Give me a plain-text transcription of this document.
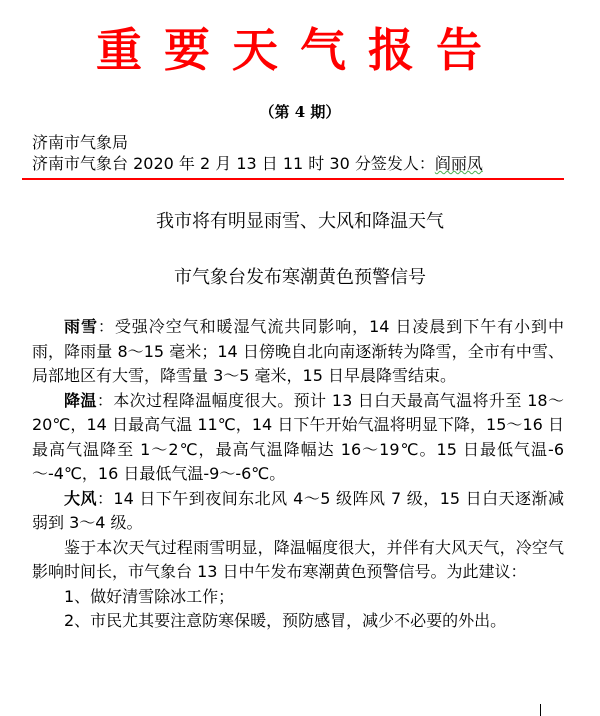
重要天气报告
（第 4 期）
济南市气象局
济南市气象台 2020 年 2 月 13 日 11 时 30 分签发人：阎丽凤
我市将有明显雨雪、大风和降温天气
市气象台发布寒潮黄色预警信号

雨雪：受强冷空气和暖湿气流共同影响，14 日凌晨到下午有小到中雨，降雨量 8～15 毫米；14 日傍晚自北向南逐渐转为降雪，全市有中雪、局部地区有大雪，降雪量 3～5 毫米，15 日早晨降雪结束。

降温：本次过程降温幅度很大。预计 13 日白天最高气温将升至 18～20℃，14 日最高气温 11℃，14 日下午开始气温将明显下降，15～16 日最高气温降至 1～2℃，最高气温降幅达 16～19℃。15 日最低气温-6～-4℃，16 日最低气温-9～-6℃。

大风：14 日下午到夜间东北风 4～5 级阵风 7 级，15 日白天逐渐减弱到 3～4 级。

鉴于本次天气过程雨雪明显，降温幅度很大，并伴有大风天气，冷空气影响时间长，市气象台 13 日中午发布寒潮黄色预警信号。为此建议：

1、做好清雪除冰工作；
2、市民尤其要注意防寒保暖，预防感冒，减少不必要的外出。
